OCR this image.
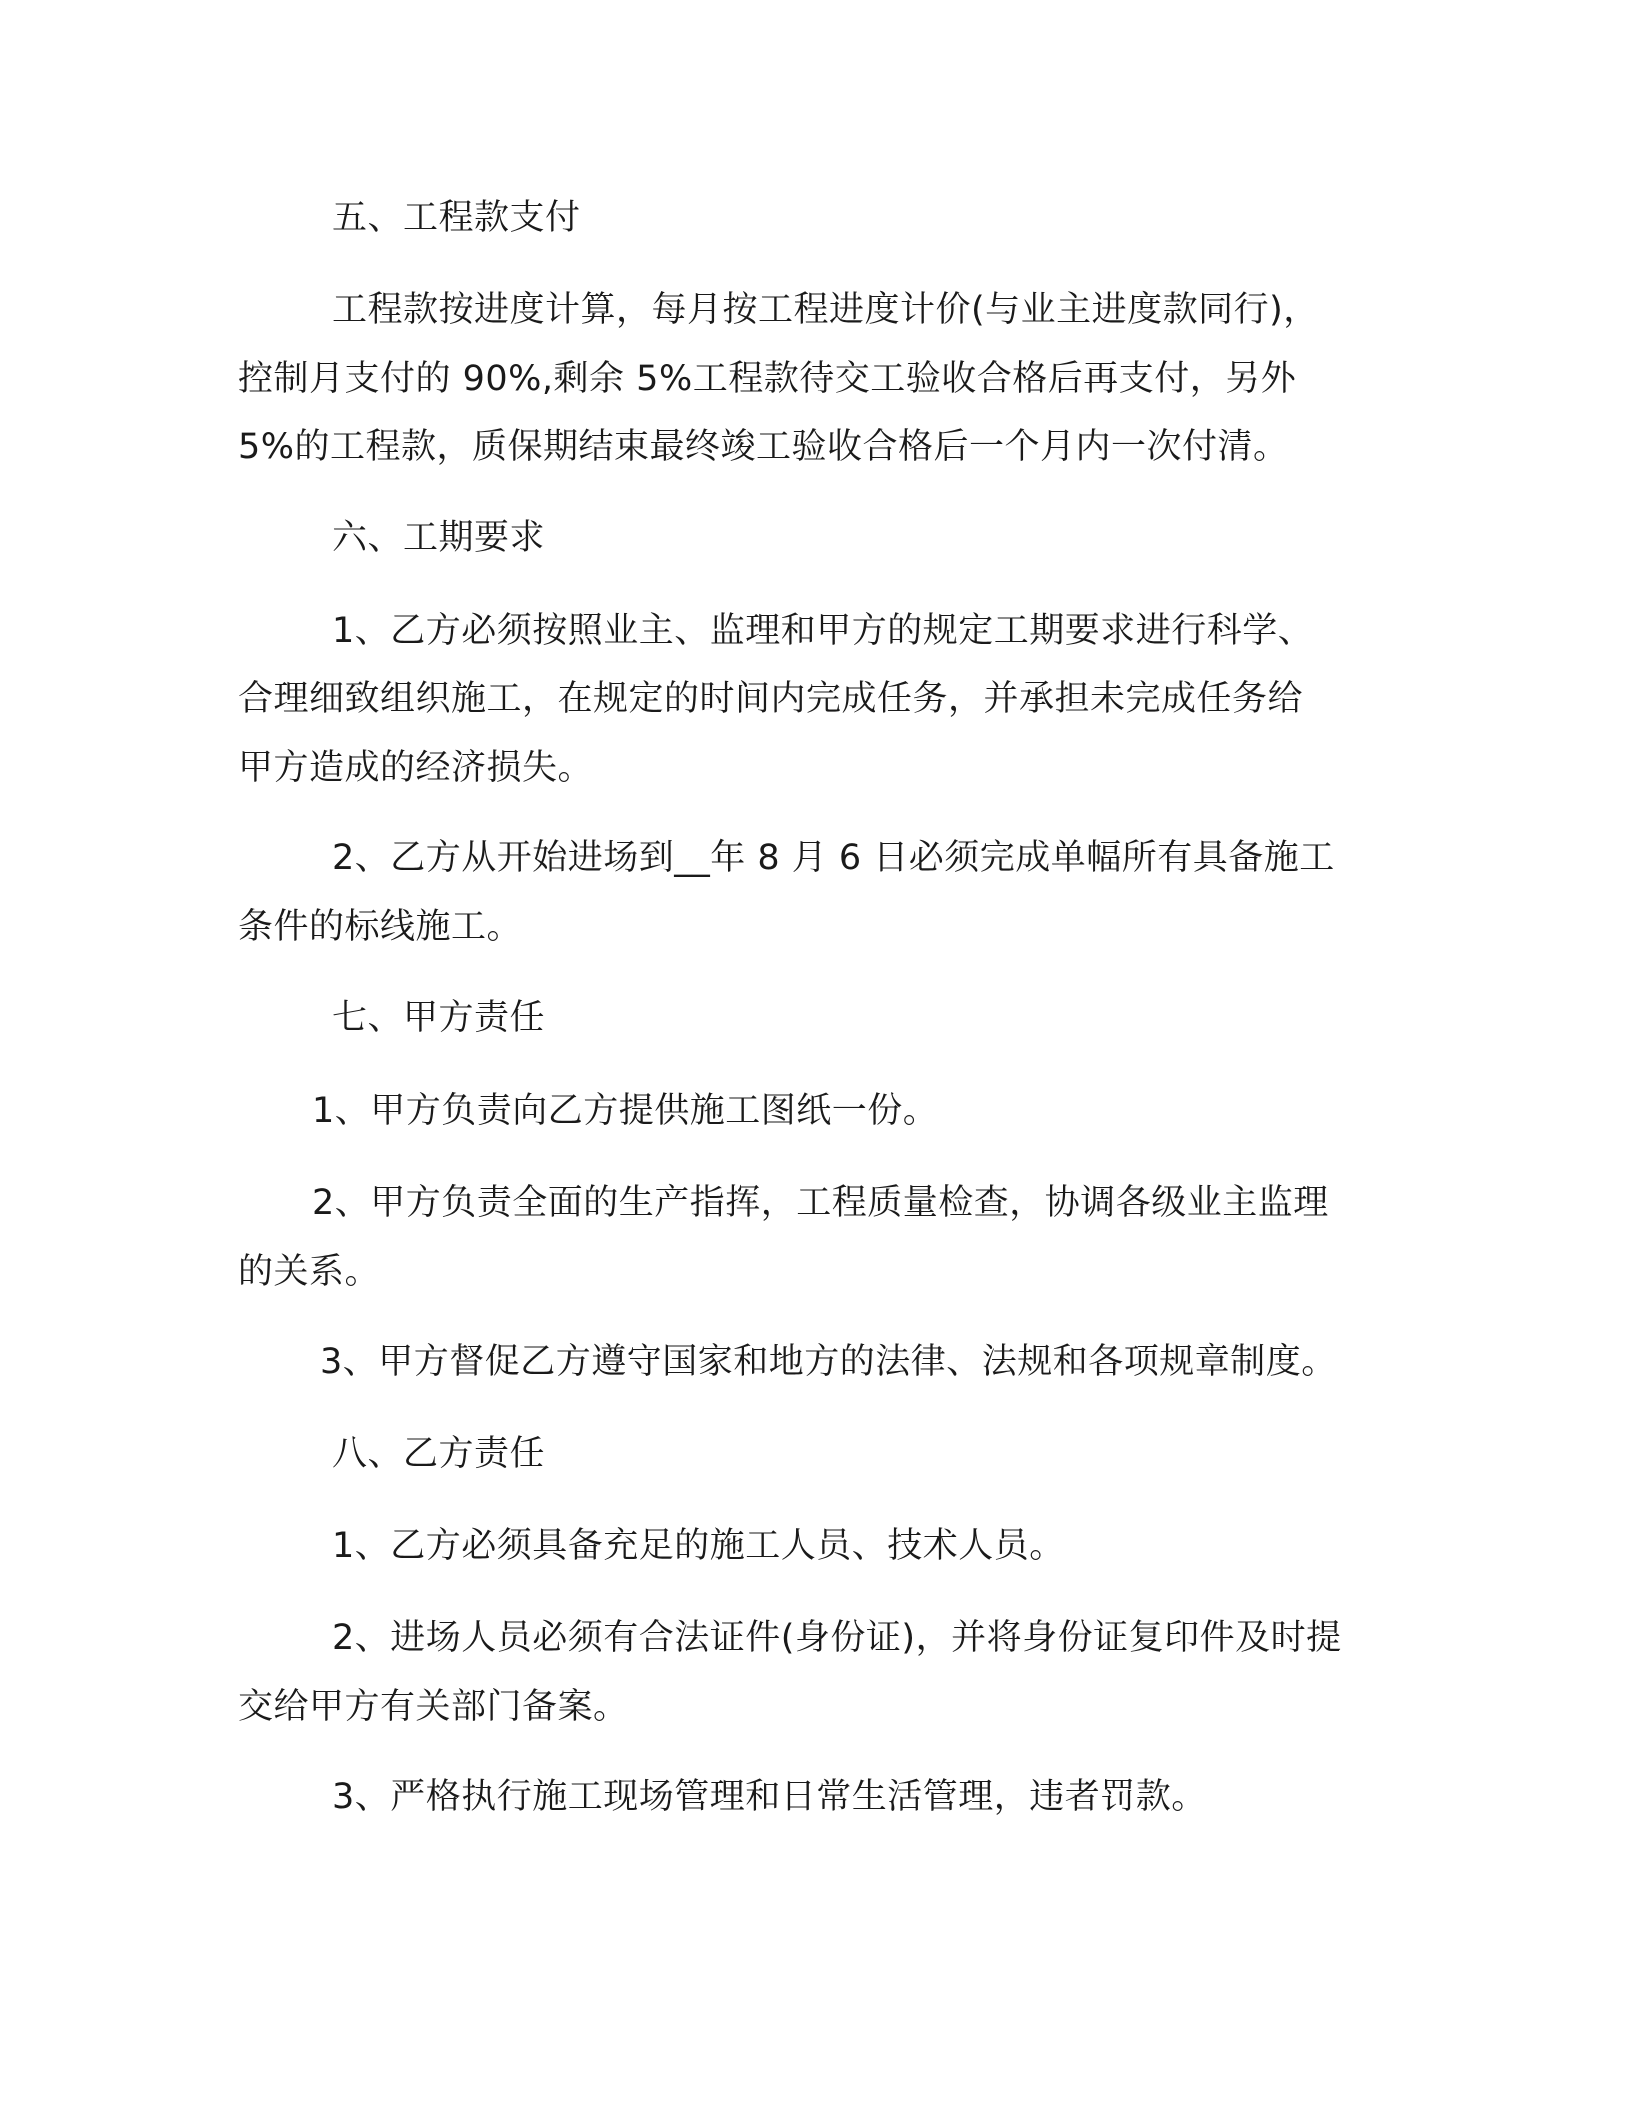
五、工程款支付

工程款按进度计算，每月按工程进度计价(与业主进度款同行)，

控制月支付的 90%,剩余 5%工程款待交工验收合格后再支付，另外

5%的工程款，质保期结束最终竣工验收合格后一个月内一次付清。

六、工期要求

1、乙方必须按照业主、监理和甲方的规定工期要求进行科学、

合理细致组织施工，在规定的时间内完成任务，并承担未完成任务给

甲方造成的经济损失。

2、乙方从开始进场到__年 8 月 6 日必须完成单幅所有具备施工

条件的标线施工。

七、甲方责任

1、甲方负责向乙方提供施工图纸一份。

2、甲方负责全面的生产指挥，工程质量检查，协调各级业主监理

的关系。

3、甲方督促乙方遵守国家和地方的法律、法规和各项规章制度。

八、乙方责任

1、乙方必须具备充足的施工人员、技术人员。

2、进场人员必须有合法证件(身份证)，并将身份证复印件及时提

交给甲方有关部门备案。

3、严格执行施工现场管理和日常生活管理，违者罚款。
